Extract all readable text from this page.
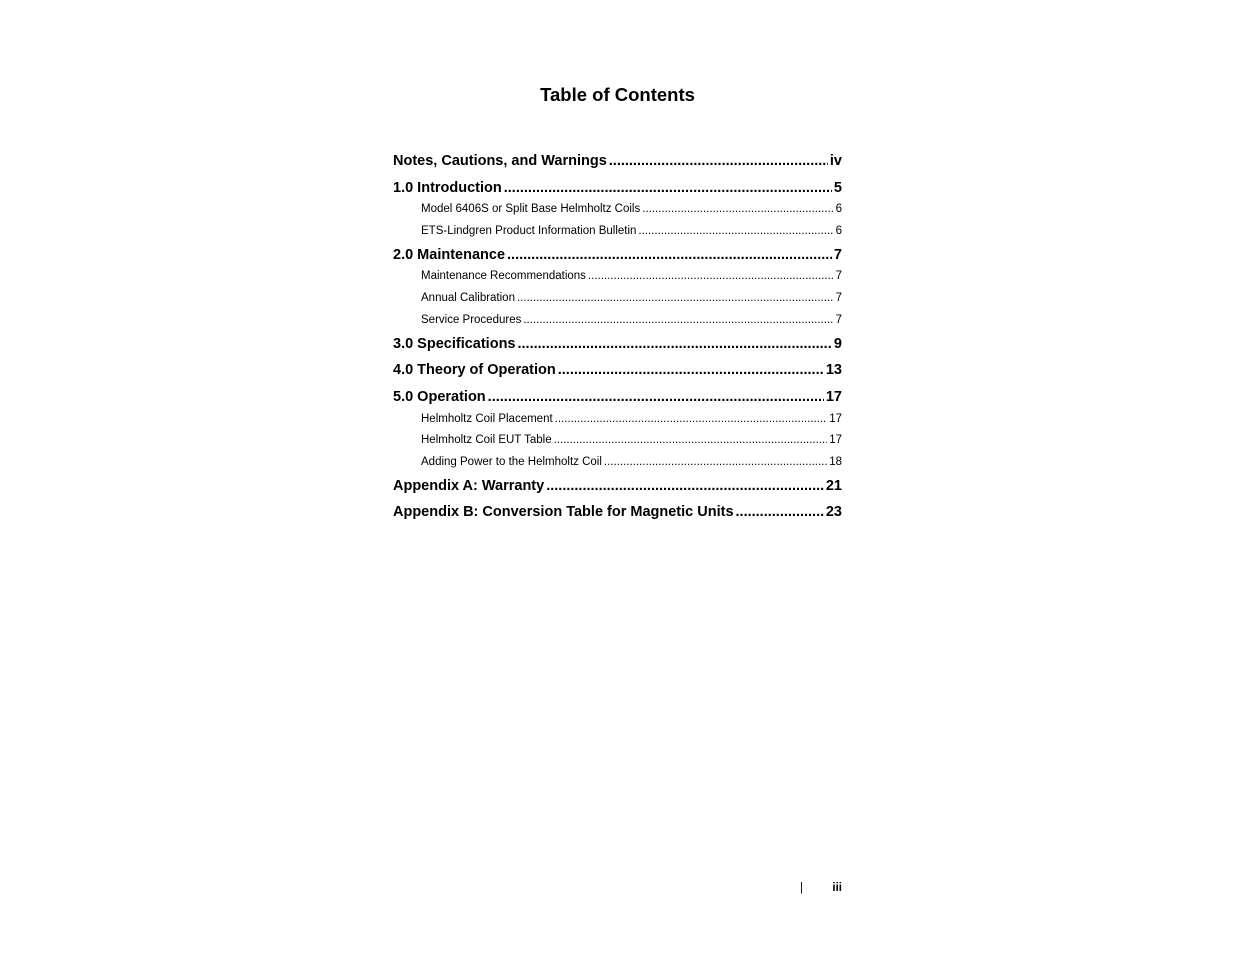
Table of Contents
Notes, Cautions, and Warnings .....	iv
1.0 Introduction .....	5
Model 6406S or Split Base Helmholtz Coils .....	6
ETS-Lindgren Product Information Bulletin .....	6
2.0 Maintenance .....	7
Maintenance Recommendations .....	7
Annual Calibration .....	7
Service Procedures .....	7
3.0 Specifications .....	9
4.0 Theory of Operation .....	13
5.0 Operation .....	17
Helmholtz Coil Placement .....	17
Helmholtz Coil EUT Table .....	17
Adding Power to the Helmholtz Coil .....	18
Appendix A: Warranty .....	21
Appendix B: Conversion Table for Magnetic Units .....	23
|	iii
